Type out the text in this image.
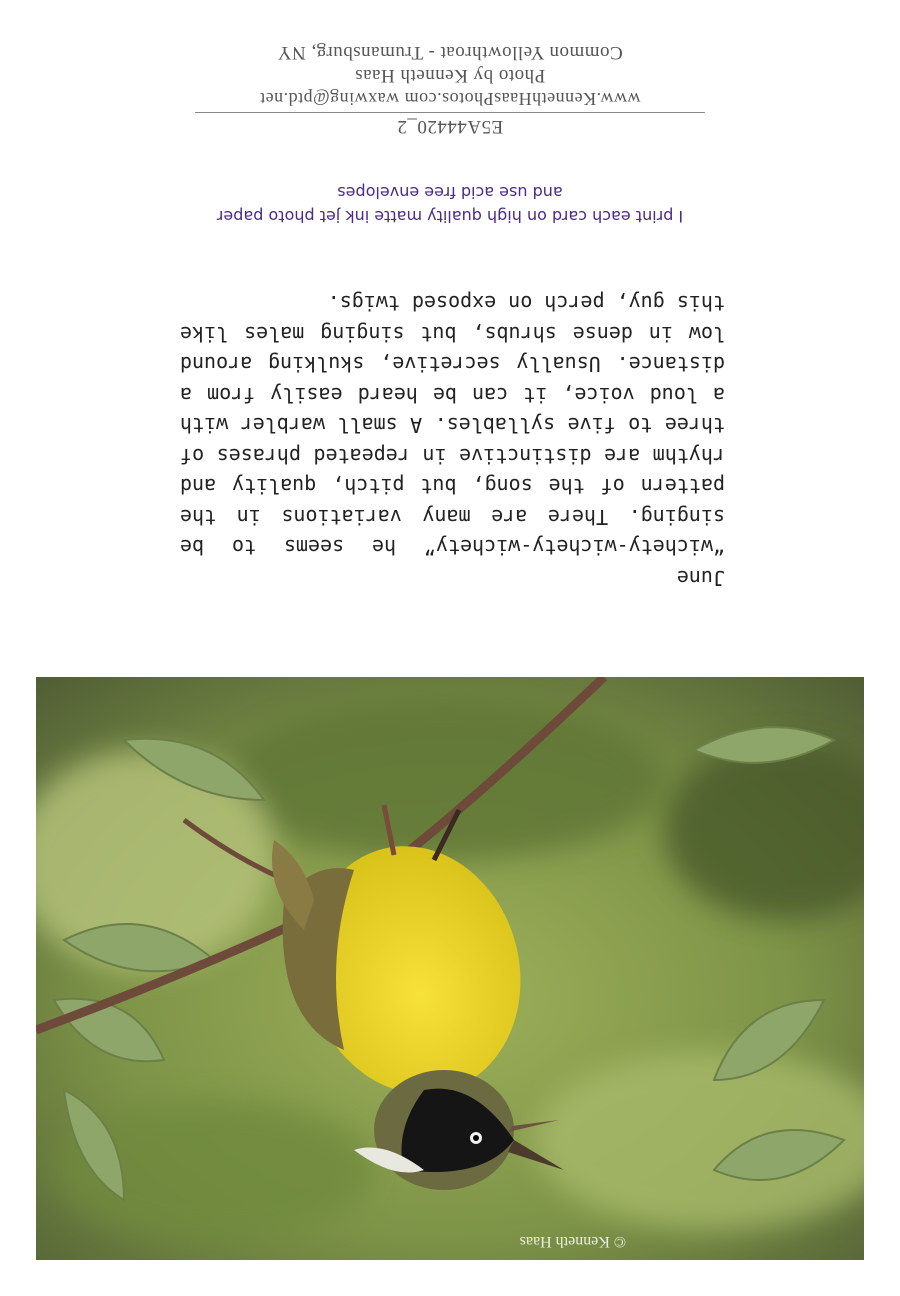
E5A44420_2
www.KennethHaasPhotos.com waxwing@ptd.net
Photo by Kenneth Haas
Common Yellowthroat - Trumansburg, NY
I print each card on high quality matte ink jet photo paper
and use acid free envelopes
June
“wichety-wichety-wichety” he seems to be singing. There are many variations in the pattern of the song, but pitch, quality and rhythm are distinctive in repeated phrases of three to five syllables. A small warbler with a loud voice, it can be heard easily from a distance. Usually secretive, skulking around low in dense shrubs, but singing males like this guy, perch on exposed twigs.
© Kenneth Haas
